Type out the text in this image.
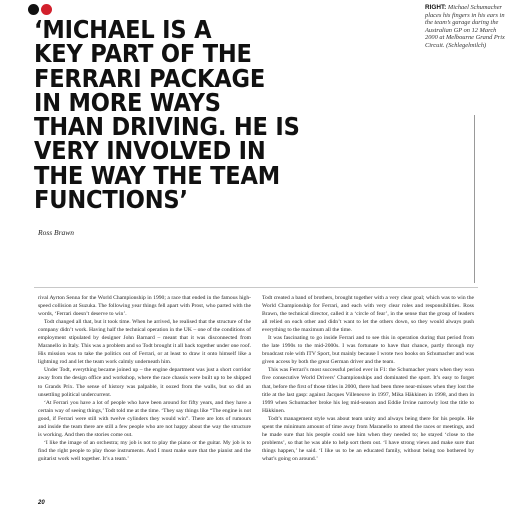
‘MICHAEL IS A
KEY PART OF THE
FERRARI PACKAGE
IN MORE WAYS
THAN DRIVING. HE IS
VERY INVOLVED IN
THE WAY THE TEAM
FUNCTIONS’
Ross Brawn
RIGHT: Michael Schumacher places his fingers in his ears in the team’s garage during the Australian GP on 12 March 2000 at Melbourne Grand Prix Circuit. (Schlegelmilch)

rival Ayrton Senna for the World Championship in 1990; a race that ended in the famous high-speed collision at Suzuka. The following year things fell apart with Prost, who parted with the words, ‘Ferrari doesn’t deserve to win’.

Todt changed all that, but it took time. When he arrived, he realised that the structure of the company didn’t work. Having half the technical operation in the UK – one of the conditions of employment stipulated by designer John Barnard – meant that it was disconnected from Maranello in Italy. This was a problem and so Todt brought it all back together under one roof. His mission was to take the politics out of Ferrari, or at least to draw it onto himself like a lightning rod and let the team work calmly underneath him.

Under Todt, everything became joined up – the engine department was just a short corridor away from the design office and workshop, where the race chassis were built up to be shipped to Grands Prix. The sense of history was palpable, it oozed from the walls, but so did an unsettling political undercurrent.

‘At Ferrari you have a lot of people who have been around for fifty years, and they have a certain way of seeing things,’ Todt told me at the time. ‘They say things like “The engine is not good, if Ferrari were still with twelve cylinders they would win”. There are lots of rumours and inside the team there are still a few people who are not happy about the way the structure is working. And then the stories come out.

‘I like the image of an orchestra; my job is not to play the piano or the guitar. My job is to find the right people to play those instruments. And I must make sure that the pianist and the guitarist work well together. It’s a team.’

Todt created a band of brothers, brought together with a very clear goal; which was to win the World Championship for Ferrari, and each with very clear roles and responsibilities. Ross Brawn, the technical director, called it a ‘circle of fear’, in the sense that the group of leaders all relied on each other and didn’t want to let the others down, so they would always push everything to the maximum all the time.

It was fascinating to go inside Ferrari and to see this in operation during that period from the late 1990s to the mid-2000s. I was fortunate to have that chance, partly through my broadcast role with ITV Sport, but mainly because I wrote two books on Schumacher and was given access by both the great German driver and the team.

This was Ferrari’s most successful period ever in F1: the Schumacher years when they won five consecutive World Drivers’ Championships and dominated the sport. It’s easy to forget that, before the first of those titles in 2000, there had been three near-misses when they lost the title at the last gasp: against Jacques Villeneuve in 1997, Mika Häkkinen in 1998, and then in 1999 when Schumacher broke his leg mid-season and Eddie Irvine narrowly lost the title to Häkkinen.

Todt’s management style was about team unity and always being there for his people. He spent the minimum amount of time away from Maranello to attend the races or meetings, and he made sure that his people could see him when they needed to; he stayed ‘close to the problems’, so that he was able to help sort them out. ‘I have strong views and make sure that things happen,’ he said. ‘I like us to be an educated family, without being too bothered by what’s going on around.’

20
